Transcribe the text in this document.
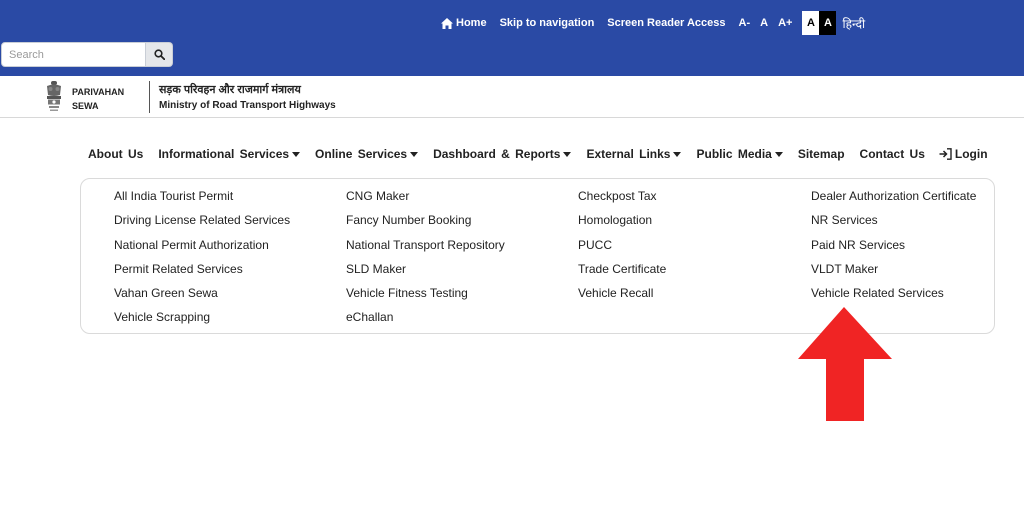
Home Skip to navigation Screen Reader Access A- A A+	A A हिन्दी
Search
PARIVAHAN
SEWA
सड़क परिवहन और राजमार्ग मंत्रालय
Ministry of Road Transport Highways
About Us Informational Services Online Services Dashboard & Reports External Links Public Media Sitemap Contact Us	Login
All India Tourist Permit
Driving License Related Services
National Permit Authorization
Permit Related Services
Vahan Green Sewa
Vehicle Scrapping
CNG Maker
Fancy Number Booking
National Transport Repository
SLD Maker
Vehicle Fitness Testing
eChallan
Checkpost Tax
Homologation
PUCC
Trade Certificate
Vehicle Recall
Dealer Authorization Certificate
NR Services
Paid NR Services
VLDT Maker
Vehicle Related Services
